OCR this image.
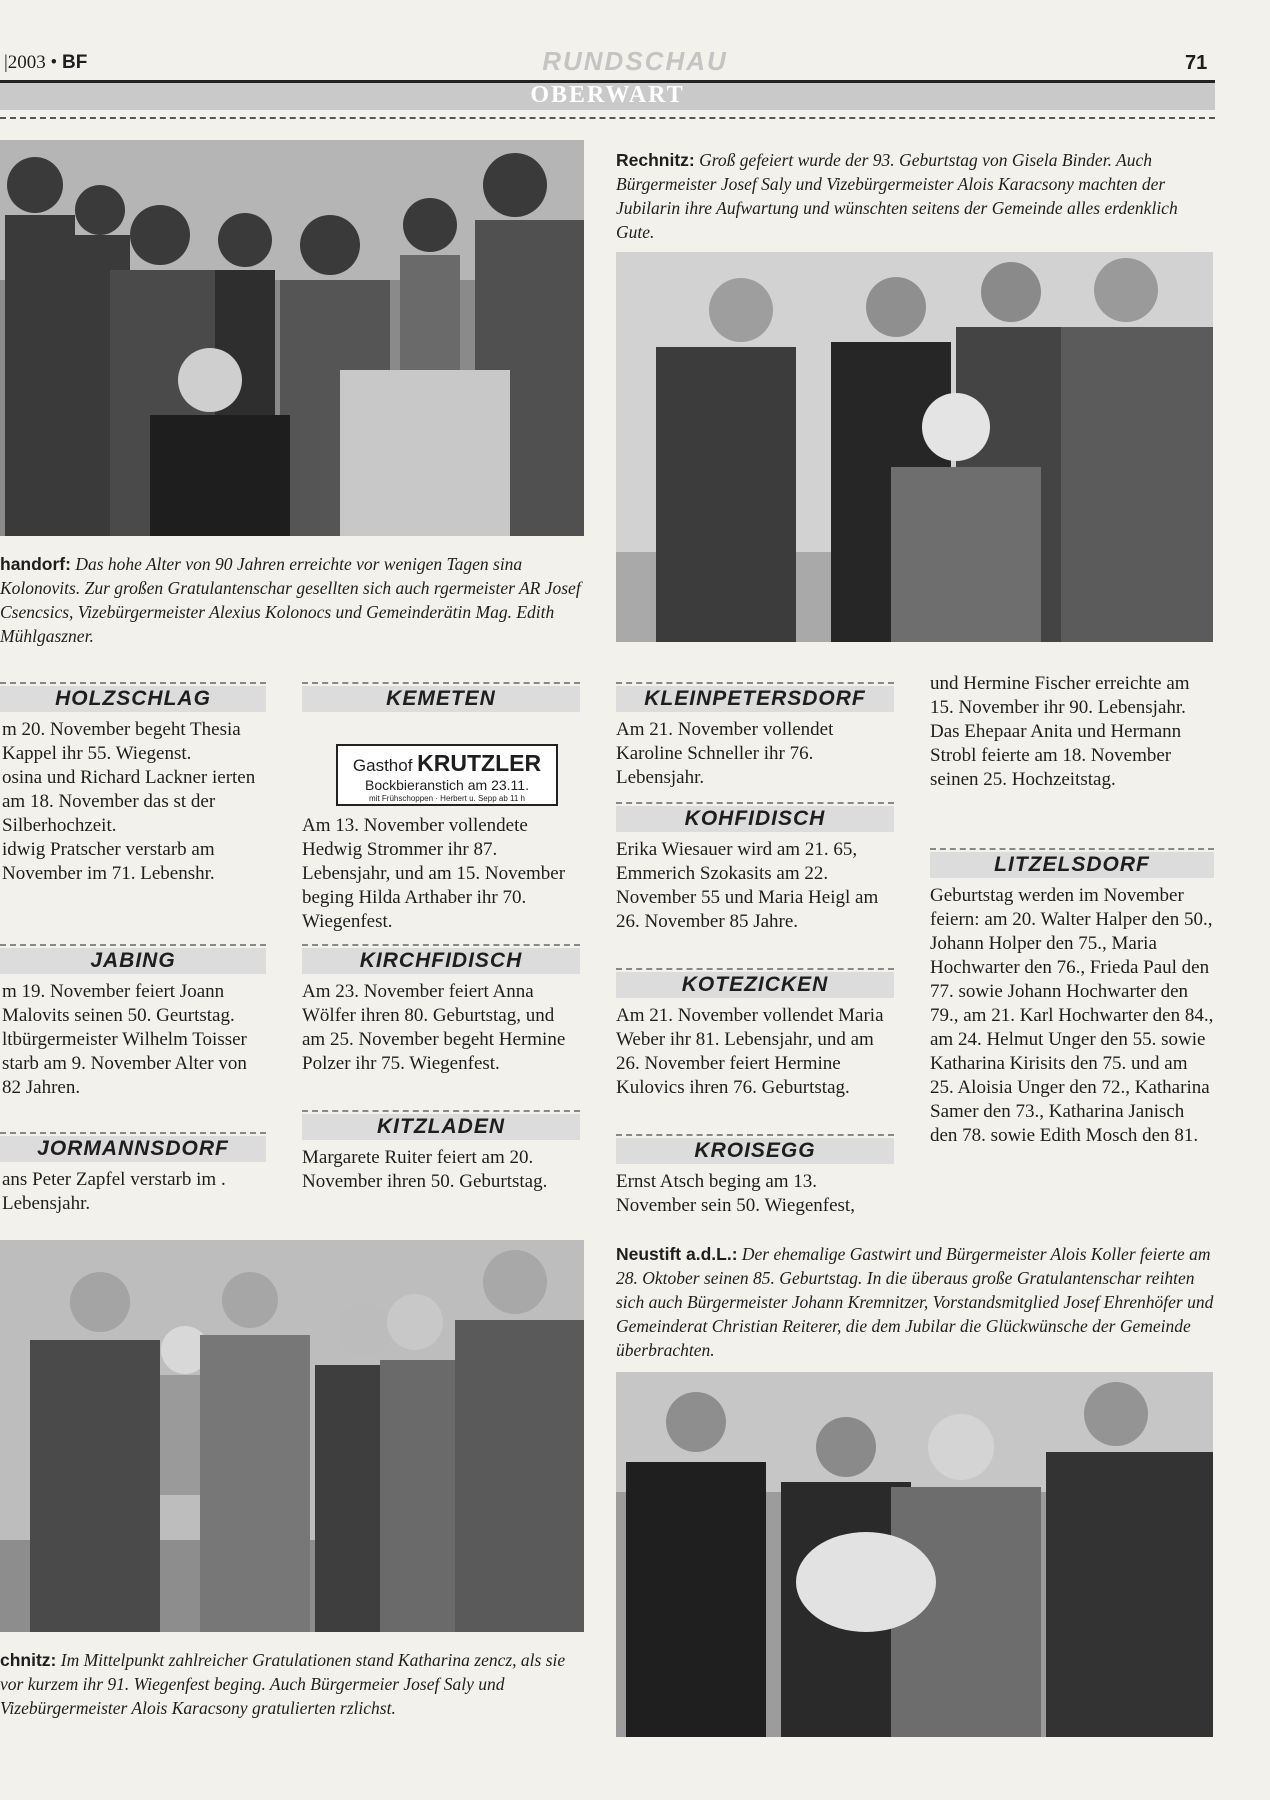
|2003 • BF	RUNDSCHAU	71
OBERWART
Rechnitz: Groß gefeiert wurde der 93. Geburtstag von Gisela Binder. Auch Bürgermeister Josef Saly und Vizebürgermeister Alois Karacsony machten der Jubilarin ihre Aufwartung und wünschten seitens der Gemeinde alles erdenklich Gute.
handorf: Das hohe Alter von 90 Jahren erreichte vor wenigen Tagen sina Kolonovits. Zur großen Gratulantenschar gesellten sich auch rgermeister AR Josef Csencsics, Vizebürgermeister Alexius Kolonocs und Gemeinderätin Mag. Edith Mühlgaszner.
HOLZSCHLAG

m 20. November begeht Thesia Kappel ihr 55. Wiegenst.

osina und Richard Lackner ierten am 18. November das st der Silberhochzeit.

idwig Pratscher verstarb am November im 71. Lebenshr.

JABING

m 19. November feiert Joann Malovits seinen 50. Geurtstag.

ltbürgermeister Wilhelm Toisser starb am 9. November Alter von 82 Jahren.

JORMANNSDORF

ans Peter Zapfel verstarb im . Lebensjahr.

KEMETEN
Gasthof KRUTZLER
Bockbieranstich am 23.11.
mit Frühschoppen · Herbert u. Sepp ab 11 h

Am 13. November vollendete Hedwig Strommer ihr 87. Lebensjahr, und am 15. November beging Hilda Arthaber ihr 70. Wiegenfest.

KIRCHFIDISCH

Am 23. November feiert Anna Wölfer ihren 80. Geburtstag, und am 25. November begeht Hermine Polzer ihr 75. Wiegenfest.

KITZLADEN

Margarete Ruiter feiert am 20. November ihren 50. Geburtstag.

KLEINPETERSDORF

Am 21. November vollendet Karoline Schneller ihr 76. Lebensjahr.

KOHFIDISCH

Erika Wiesauer wird am 21. 65, Emmerich Szokasits am 22. November 55 und Maria Heigl am 26. November 85 Jahre.

KOTEZICKEN

Am 21. November vollendet Maria Weber ihr 81. Lebensjahr, und am 26. November feiert Hermine Kulovics ihren 76. Geburtstag.

KROISEGG

Ernst Atsch beging am 13. November sein 50. Wiegenfest,

und Hermine Fischer erreichte am 15. November ihr 90. Lebensjahr.

Das Ehepaar Anita und Hermann Strobl feierte am 18. November seinen 25. Hochzeitstag.

LITZELSDORF

Geburtstag werden im November feiern: am 20. Walter Halper den 50., Johann Holper den 75., Maria Hochwarter den 76., Frieda Paul den 77. sowie Johann Hochwarter den 79., am 21. Karl Hochwarter den 84., am 24. Helmut Unger den 55. sowie Katharina Kirisits den 75. und am 25. Aloisia Unger den 72., Katharina Samer den 73., Katharina Janisch den 78. sowie Edith Mosch den 81.

Neustift a.d.L.: Der ehemalige Gastwirt und Bürgermeister Alois Koller feierte am 28. Oktober seinen 85. Geburtstag. In die überaus große Gratulantenschar reihten sich auch Bürgermeister Johann Kremnitzer, Vorstandsmitglied Josef Ehrenhöfer und Gemeinderat Christian Reiterer, die dem Jubilar die Glückwünsche der Gemeinde überbrachten.
chnitz: Im Mittelpunkt zahlreicher Gratulationen stand Katharina zencz, als sie vor kurzem ihr 91. Wiegenfest beging. Auch Bürgermeier Josef Saly und Vizebürgermeister Alois Karacsony gratulierten rzlichst.
